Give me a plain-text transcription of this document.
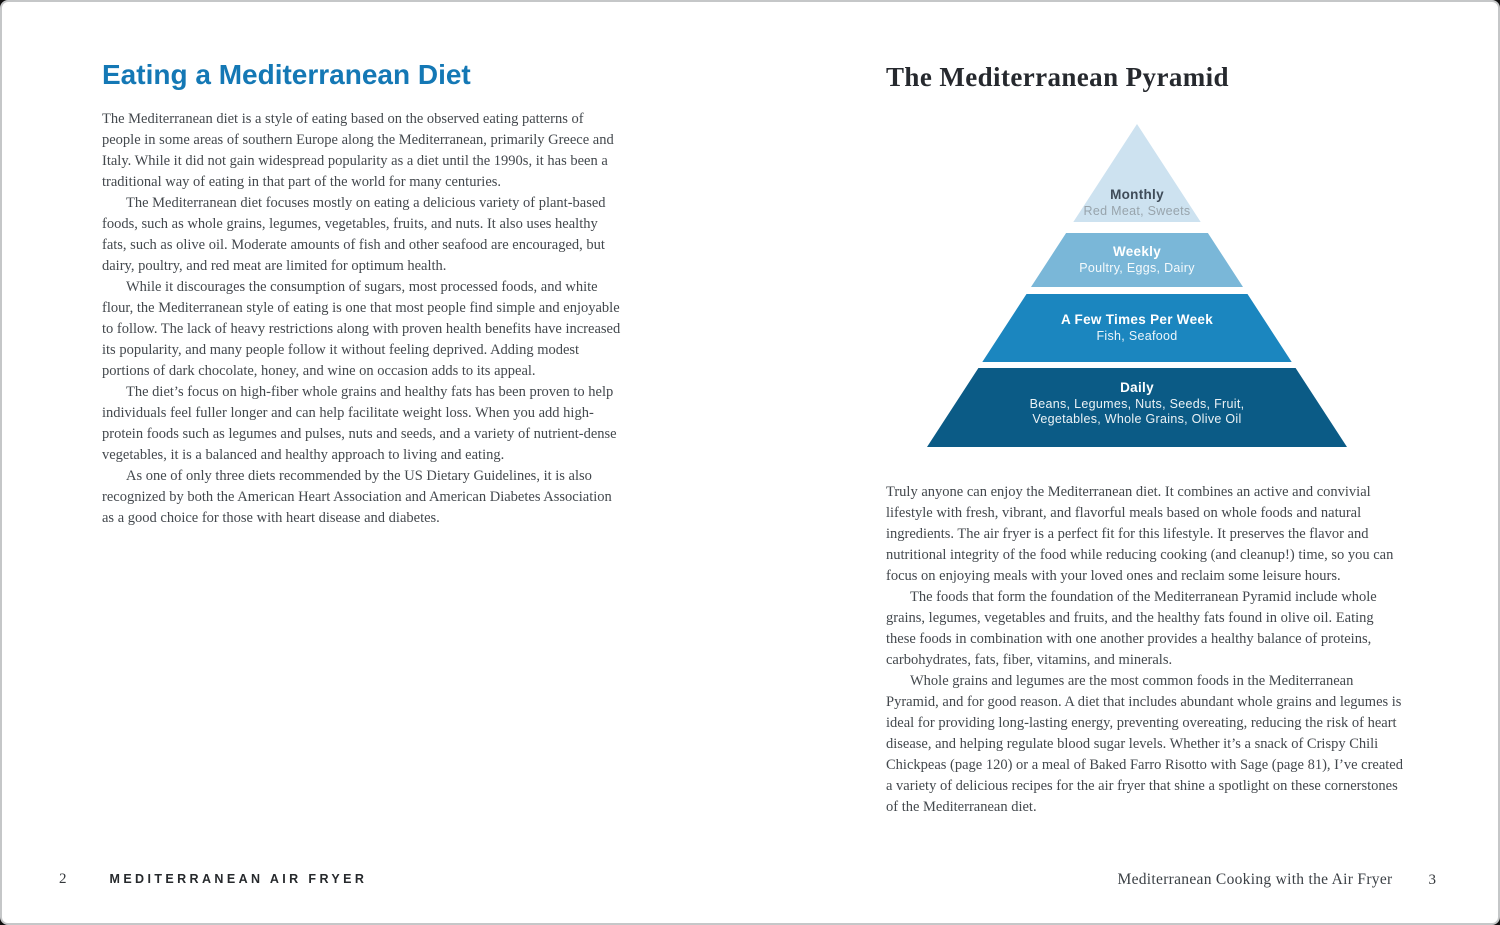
Eating a Mediterranean Diet

The Mediterranean diet is a style of eating based on the observed eating patterns of people in some areas of southern Europe along the Mediterranean, primarily Greece and Italy. While it did not gain widespread popularity as a diet until the 1990s, it has been a traditional way of eating in that part of the world for many centuries.

The Mediterranean diet focuses mostly on eating a delicious variety of plant-based foods, such as whole grains, legumes, vegetables, fruits, and nuts. It also uses healthy fats, such as olive oil. Moderate amounts of fish and other seafood are encouraged, but dairy, poultry, and red meat are limited for optimum health.

While it discourages the consumption of sugars, most processed foods, and white flour, the Mediterranean style of eating is one that most people find simple and enjoyable to follow. The lack of heavy restrictions along with proven health benefits have increased its popularity, and many people follow it without feeling deprived. Adding modest portions of dark chocolate, honey, and wine on occasion adds to its appeal.

The diet’s focus on high-fiber whole grains and healthy fats has been proven to help individuals feel fuller longer and can help facilitate weight loss. When you add high-protein foods such as legumes and pulses, nuts and seeds, and a variety of nutrient-dense vegetables, it is a balanced and healthy approach to living and eating.

As one of only three diets recommended by the US Dietary Guidelines, it is also recognized by both the American Heart Association and American Diabetes Association as a good choice for those with heart disease and diabetes.

2	MEDITERRANEAN AIR FRYER
The Mediterranean Pyramid
Monthly
Red Meat, Sweets
Weekly
Poultry, Eggs, Dairy
A Few Times Per Week
Fish, Seafood
Daily
Beans, Legumes, Nuts, Seeds, Fruit,
Vegetables, Whole Grains, Olive Oil

Truly anyone can enjoy the Mediterranean diet. It combines an active and convivial lifestyle with fresh, vibrant, and flavorful meals based on whole foods and natural ingredients. The air fryer is a perfect fit for this lifestyle. It preserves the flavor and nutritional integrity of the food while reducing cooking (and cleanup!) time, so you can focus on enjoying meals with your loved ones and reclaim some leisure hours.

The foods that form the foundation of the Mediterranean Pyramid include whole grains, legumes, vegetables and fruits, and the healthy fats found in olive oil. Eating these foods in combination with one another provides a healthy balance of proteins, carbohydrates, fats, fiber, vitamins, and minerals.

Whole grains and legumes are the most common foods in the Mediterranean Pyramid, and for good reason. A diet that includes abundant whole grains and legumes is ideal for providing long-lasting energy, preventing overeating, reducing the risk of heart disease, and helping regulate blood sugar levels. Whether it’s a snack of Crispy Chili Chickpeas (page 120) or a meal of Baked Farro Risotto with Sage (page 81), I’ve created a variety of delicious recipes for the air fryer that shine a spotlight on these cornerstones of the Mediterranean diet.

Mediterranean Cooking with the Air Fryer 3
